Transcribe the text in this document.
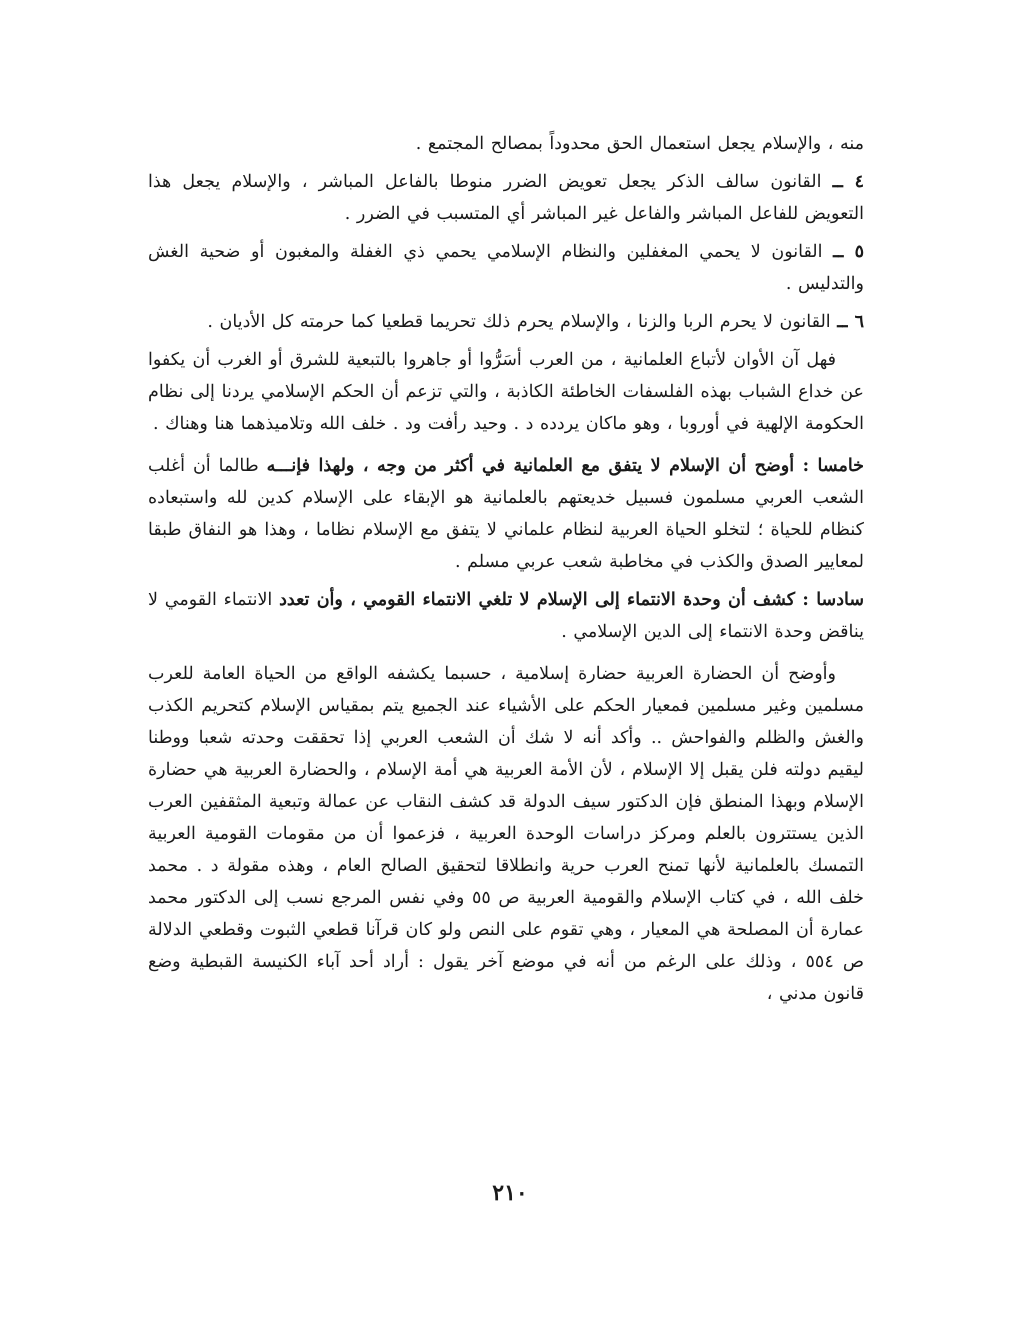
منه ، والإسلام يجعل استعمال الحق محدوداً بمصالح المجتمع .

٤ ــ القانون سالف الذكر يجعل تعويض الضرر منوطا بالفاعل المباشر ، والإسلام يجعل هذا التعويض للفاعل المباشر والفاعل غير المباشر أي المتسبب في الضرر .

٥ ــ القانون لا يحمي المغفلين والنظام الإسلامي يحمي ذي الغفلة والمغبون أو ضحية الغش والتدليس .

٦ ــ القانون لا يحرم الربا والزنا ، والإسلام يحرم ذلك تحريما قطعيا كما حرمته كل الأديان .

فهل آن الأوان لأتباع العلمانية ، من العرب أسَرُّوا أو جاهروا بالتبعية للشرق أو الغرب أن يكفوا عن خداع الشباب بهذه الفلسفات الخاطئة الكاذبة ، والتي تزعم أن الحكم الإسلامي يردنا إلى نظام الحكومة الإلهية في أوروبا ، وهو ماكان يردده د . وحيد رأفت ود . خلف الله وتلاميذهما هنا وهناك .

خامسا : أوضح أن الإسلام لا يتفق مع العلمانية في أكثر من وجه ، ولهذا فإنـــه طالما أن أغلب الشعب العربي مسلمون فسبيل خديعتهم بالعلمانية هو الإبقاء على الإسلام كدين لله واستبعاده كنظام للحياة ؛ لتخلو الحياة العربية لنظام علماني لا يتفق مع الإسلام نظاما ، وهذا هو النفاق طبقا لمعايير الصدق والكذب في مخاطبة شعب عربي مسلم .

سادسا : كشف أن وحدة الانتماء إلى الإسلام لا تلغي الانتماء القومي ، وأن تعدد الانتماء القومي لا يناقض وحدة الانتماء إلى الدين الإسلامي .

وأوضح أن الحضارة العربية حضارة إسلامية ، حسبما يكشفه الواقع من الحياة العامة للعرب مسلمين وغير مسلمين فمعيار الحكم على الأشياء عند الجميع يتم بمقياس الإسلام كتحريم الكذب والغش والظلم والفواحش .. وأكد أنه لا شك أن الشعب العربي إذا تحققت وحدته شعبا ووطنا ليقيم دولته فلن يقبل إلا الإسلام ، لأن الأمة العربية هي أمة الإسلام ، والحضارة العربية هي حضارة الإسلام وبهذا المنطق فإن الدكتور سيف الدولة قد كشف النقاب عن عمالة وتبعية المثقفين العرب الذين يستترون بالعلم ومركز دراسات الوحدة العربية ، فزعموا أن من مقومات القومية العربية التمسك بالعلمانية لأنها تمنح العرب حرية وانطلاقا لتحقيق الصالح العام ، وهذه مقولة د . محمد خلف الله ، في كتاب الإسلام والقومية العربية ص ٥٥ وفي نفس المرجع نسب إلى الدكتور محمد عمارة أن المصلحة هي المعيار ، وهي تقوم على النص ولو كان قرآنا قطعي الثبوت وقطعي الدلالة ص ٥٥٤ ، وذلك على الرغم من أنه في موضع آخر يقول : أراد أحد آباء الكنيسة القبطية وضع قانون مدني ،

٢١٠
